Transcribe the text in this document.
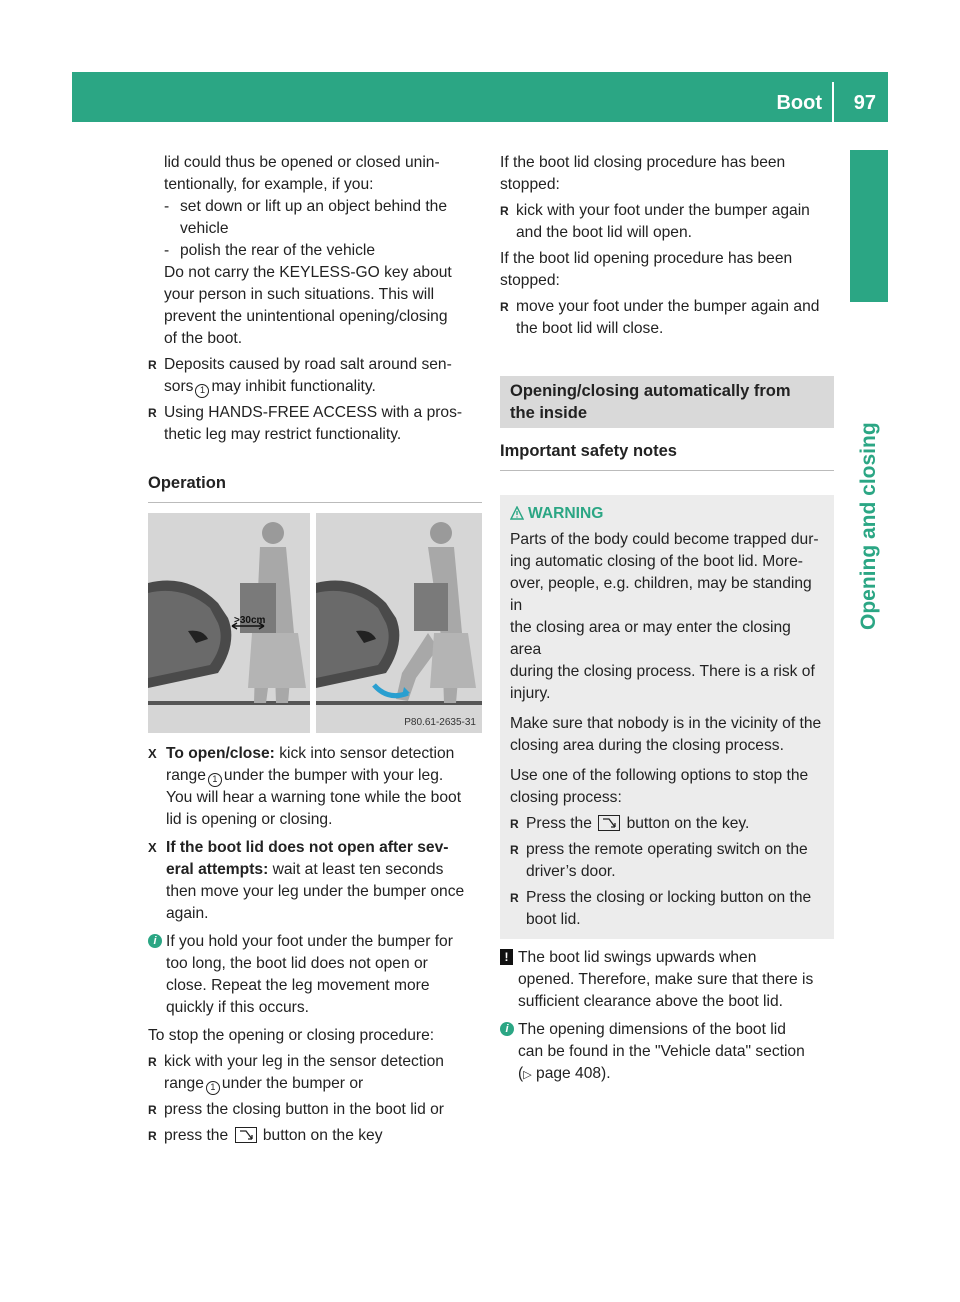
Boot 97
Opening and closing

lid could thus be opened or closed unin-

tentionally, for example, if you:

- set down or lift up an object behind the

vehicle

- polish the rear of the vehicle

Do not carry the KEYLESS-GO key about

your person in such situations. This will

prevent the unintentional opening/closing

of the boot.

R Deposits caused by road salt around sen-

sors 1 may inhibit functionality.

R Using HANDS-FREE ACCESS with a pros-

thetic leg may restrict functionality.

Operation
>30cm
P80.61-2635-31
X To open/close: kick into sensor detection

range 1 under the bumper with your leg.

You will hear a warning tone while the boot

lid is opening or closing.

X If the boot lid does not open after sev-

eral attempts: wait at least ten seconds

then move your leg under the bumper once

again.

i If you hold your foot under the bumper for

too long, the boot lid does not open or

close. Repeat the leg movement more

quickly if this occurs.

To stop the opening or closing procedure:

R kick with your leg in the sensor detection

range 1 under the bumper or

R press the closing button in the boot lid or

R press the button on the key

If the boot lid closing procedure has been

stopped:

R kick with your foot under the bumper again

and the boot lid will open.

If the boot lid opening procedure has been

stopped:

R move your foot under the bumper again and

the boot lid will close.

Opening/closing automatically from

the inside

Important safety notes
WARNING

Parts of the body could become trapped dur-

ing automatic closing of the boot lid. More-

over, people, e.g. children, may be standing in

the closing area or may enter the closing area

during the closing process. There is a risk of

injury.

Make sure that nobody is in the vicinity of the

closing area during the closing process.

Use one of the following options to stop the

closing process:

R Press the button on the key.

R press the remote operating switch on the

driver’s door.

R Press the closing or locking button on the

boot lid.

! The boot lid swings upwards when

opened. Therefore, make sure that there is

sufficient clearance above the boot lid.

i The opening dimensions of the boot lid

can be found in the "Vehicle data" section

(▷ page 408).
